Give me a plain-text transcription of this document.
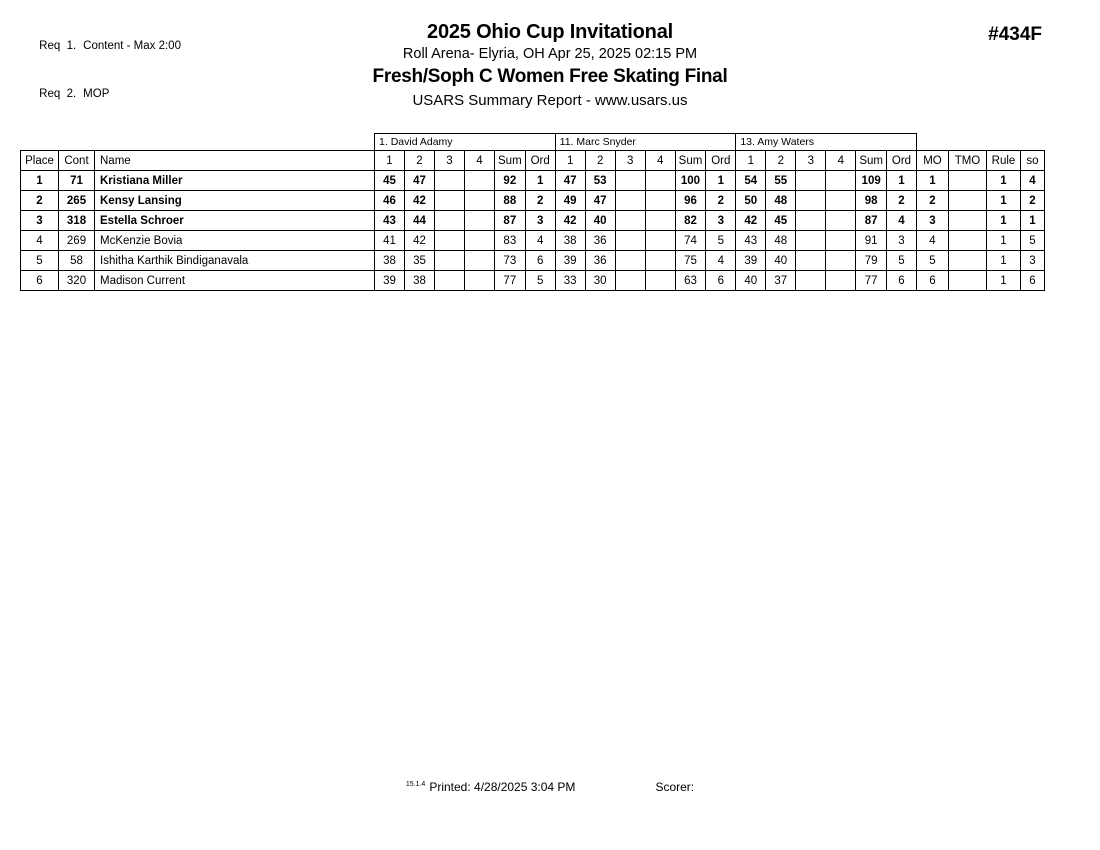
Req  1. Content - Max 2:00

Req  2. MOP

2025 Ohio Cup Invitational
Roll Arena- Elyria, OH Apr 25, 2025 02:15 PM
Fresh/Soph C Women Free Skating Final
USARS Summary Report - www.usars.us
#434F
			1. David Adamy						11. Marc Snyder						13. Amy Waters									
Place	Cont	Name	1	2	3	4	Sum	Ord	1	2	3	4	Sum	Ord	1	2	3	4	Sum	Ord	MO	TMO	Rule	so
1	71	Kristiana Miller	45	47			92	1	47	53			100	1	54	55			109	1	1		1	4
2	265	Kensy Lansing	46	42			88	2	49	47			96	2	50	48			98	2	2		1	2
3	318	Estella Schroer	43	44			87	3	42	40			82	3	42	45			87	4	3		1	1
4	269	McKenzie Bovia	41	42			83	4	38	36			74	5	43	48			91	3	4		1	5
5	58	Ishitha Karthik Bindiganavala	38	35			73	6	39	36			75	4	39	40			79	5	5		1	3
6	320	Madison Current	39	38			77	5	33	30			63	6	40	37			77	6	6		1	6
$^{15.1.4}$ Printed: 4/28/2025 3:04 PM	Scorer:
